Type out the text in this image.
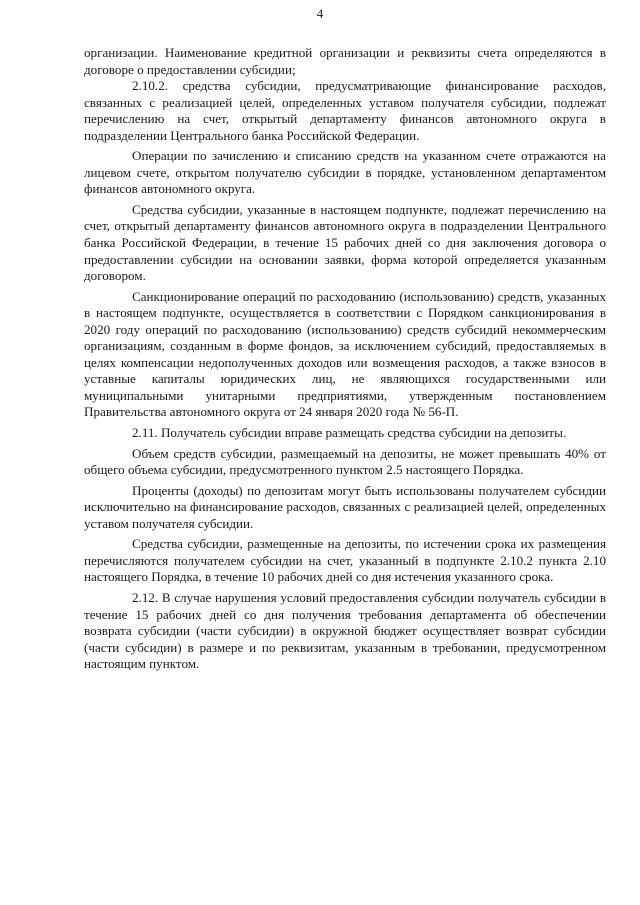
4

организации. Наименование кредитной организации и реквизиты счета определяются в договоре о предоставлении субсидии;

2.10.2. средства субсидии, предусматривающие финансирование расходов, связанных с реализацией целей, определенных уставом получателя субсидии, подлежат перечислению на счет, открытый департаменту финансов автономного округа в подразделении Центрального банка Российской Федерации.

Операции по зачислению и списанию средств на указанном счете отражаются на лицевом счете, открытом получателю субсидии в порядке, установленном департаментом финансов автономного округа.

Средства субсидии, указанные в настоящем подпункте, подлежат перечислению на счет, открытый департаменту финансов автономного округа в подразделении Центрального банка Российской Федерации, в течение 15 рабочих дней со дня заключения договора о предоставлении субсидии на основании заявки, форма которой определяется указанным договором.

Санкционирование операций по расходованию (использованию) средств, указанных в настоящем подпункте, осуществляется в соответствии с Порядком санкционирования в 2020 году операций по расходованию (использованию) средств субсидий некоммерческим организациям, созданным в форме фондов, за исключением субсидий, предоставляемых в целях компенсации недополученных доходов или возмещения расходов, а также взносов в уставные капиталы юридических лиц, не являющихся государственными или муниципальными унитарными предприятиями, утвержденным постановлением Правительства автономного округа от 24 января 2020 года № 56-П.

2.11. Получатель субсидии вправе размещать средства субсидии на депозиты.

Объем средств субсидии, размещаемый на депозиты, не может превышать 40% от общего объема субсидии, предусмотренного пунктом 2.5 настоящего Порядка.

Проценты (доходы) по депозитам могут быть использованы получателем субсидии исключительно на финансирование расходов, связанных с реализацией целей, определенных уставом получателя субсидии.

Средства субсидии, размещенные на депозиты, по истечении срока их размещения перечисляются получателем субсидии на счет, указанный в подпункте 2.10.2 пункта 2.10 настоящего Порядка, в течение 10 рабочих дней со дня истечения указанного срока.

2.12. В случае нарушения условий предоставления субсидии получатель субсидии в течение 15 рабочих дней со дня получения требования департамента об обеспечении возврата субсидии (части субсидии) в окружной бюджет осуществляет возврат субсидии (части субсидии) в размере и по реквизитам, указанным в требовании, предусмотренном настоящим пунктом.
